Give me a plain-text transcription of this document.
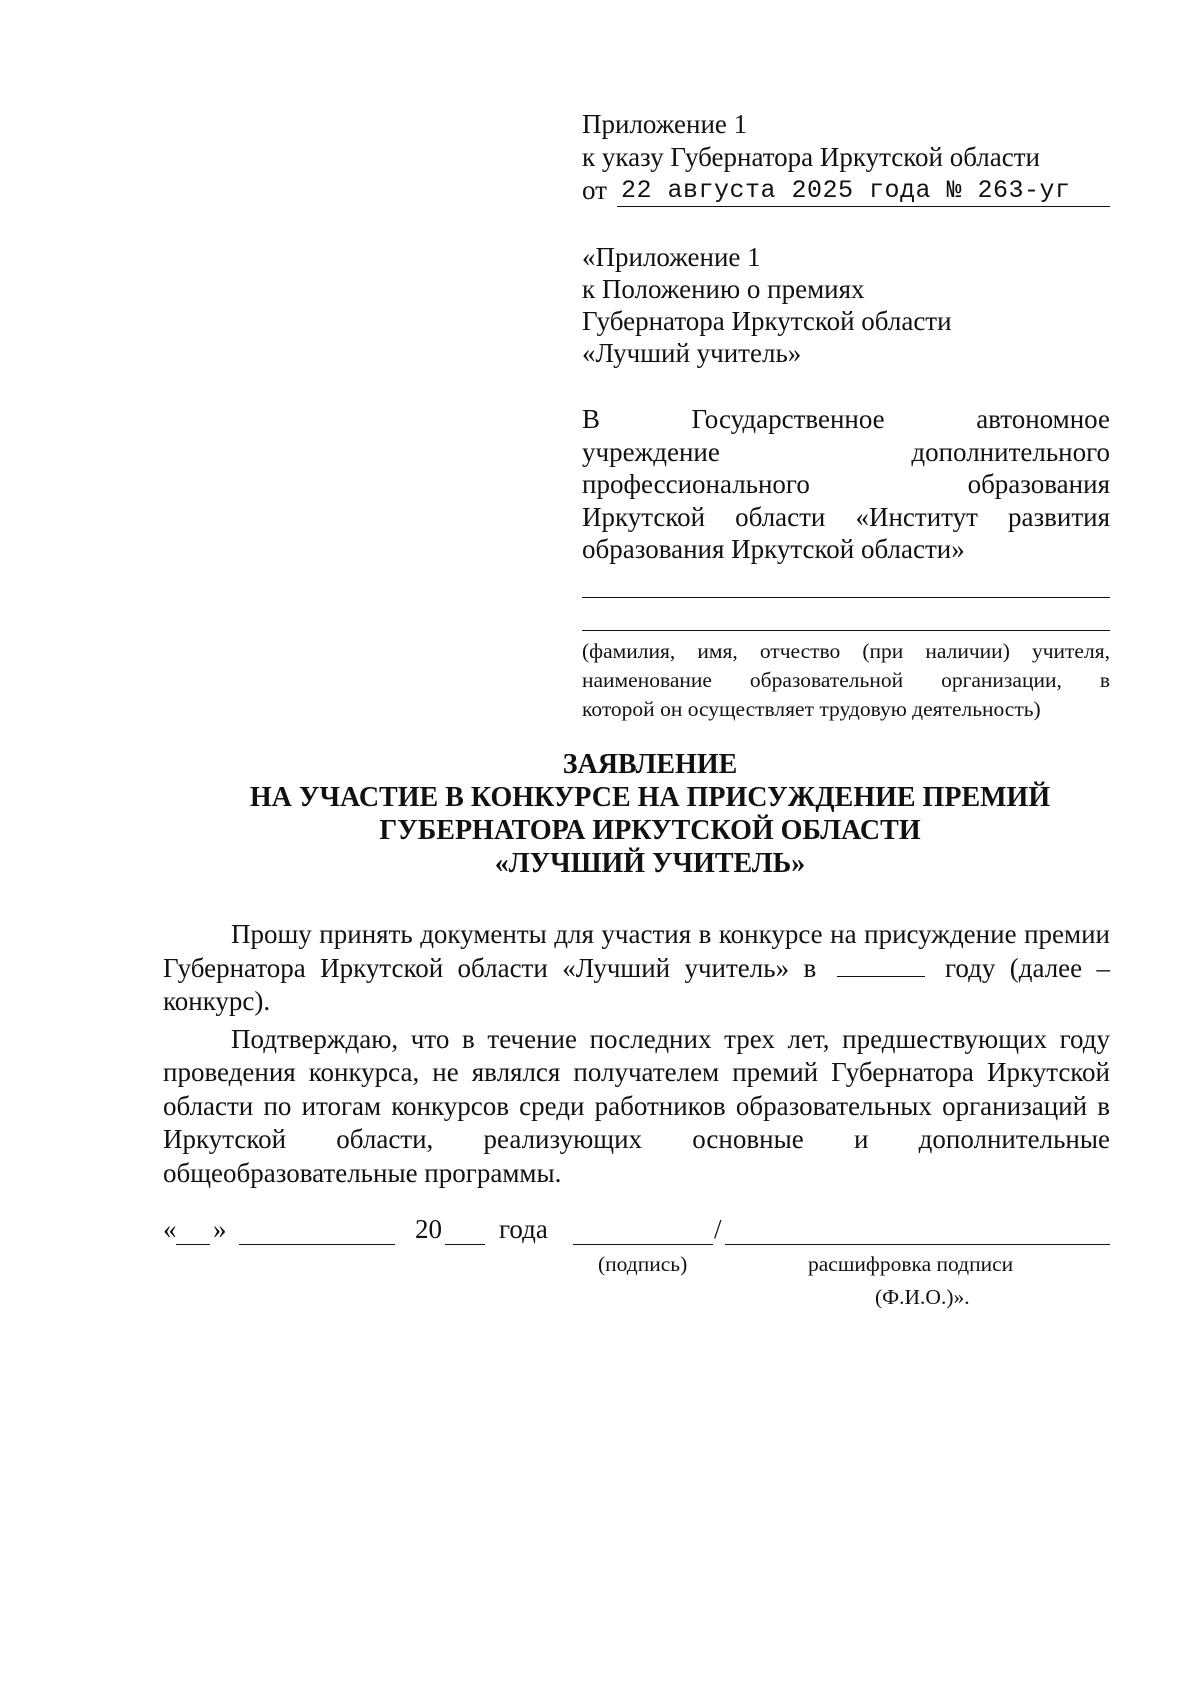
Приложение 1
к указу Губернатора Иркутской области
от 22 августа 2025 года № 263-уг
«Приложение 1
к Положению о премиях
Губернатора Иркутской области
«Лучший учитель»
В	Государственное	автономное
учреждение	дополнительного
профессионального	образования
Иркутской области «Институт развития
образования Иркутской области»
(фамилия, имя, отчество (при наличии) учителя,
наименование образовательной организации, в
которой он осуществляет трудовую деятельность)
ЗАЯВЛЕНИЕ
НА УЧАСТИЕ В КОНКУРСЕ НА ПРИСУЖДЕНИЕ ПРЕМИЙ
ГУБЕРНАТОРА ИРКУТСКОЙ ОБЛАСТИ
«ЛУЧШИЙ УЧИТЕЛЬ»

Прошу принять документы для участия в конкурсе на присуждение премии Губернатора Иркутской области «Лучший учитель» в	году (далее – конкурс).

Подтверждаю, что в течение последних трех лет, предшествующих году проведения конкурса, не являлся получателем премий Губернатора Иркутской области по итогам конкурсов среди работников образовательных организаций в Иркутской области, реализующих основные и дополнительные общеобразовательные программы.

« »	20 года	/
(подпись)	расшифровка подписи
(Ф.И.О.)».
